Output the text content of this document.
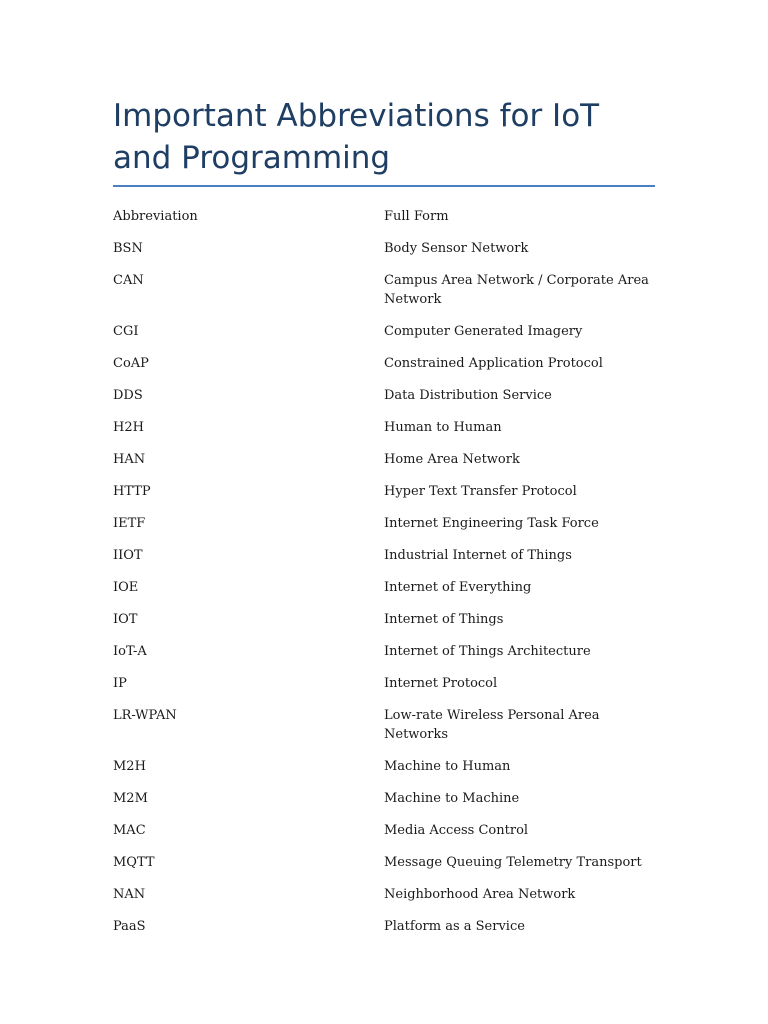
Important Abbreviations for IoT and Programming
Abbreviation	Full Form
BSN	Body Sensor Network
CAN	Campus Area Network / Corporate Area Network
CGI	Computer Generated Imagery
CoAP	Constrained Application Protocol
DDS	Data Distribution Service
H2H	Human to Human
HAN	Home Area Network
HTTP	Hyper Text Transfer Protocol
IETF	Internet Engineering Task Force
IIOT	Industrial Internet of Things
IOE	Internet of Everything
IOT	Internet of Things
IoT-A	Internet of Things Architecture
IP	Internet Protocol
LR-WPAN	Low-rate Wireless Personal Area Networks
M2H	Machine to Human
M2M	Machine to Machine
MAC	Media Access Control
MQTT	Message Queuing Telemetry Transport
NAN	Neighborhood Area Network
PaaS	Platform as a Service
